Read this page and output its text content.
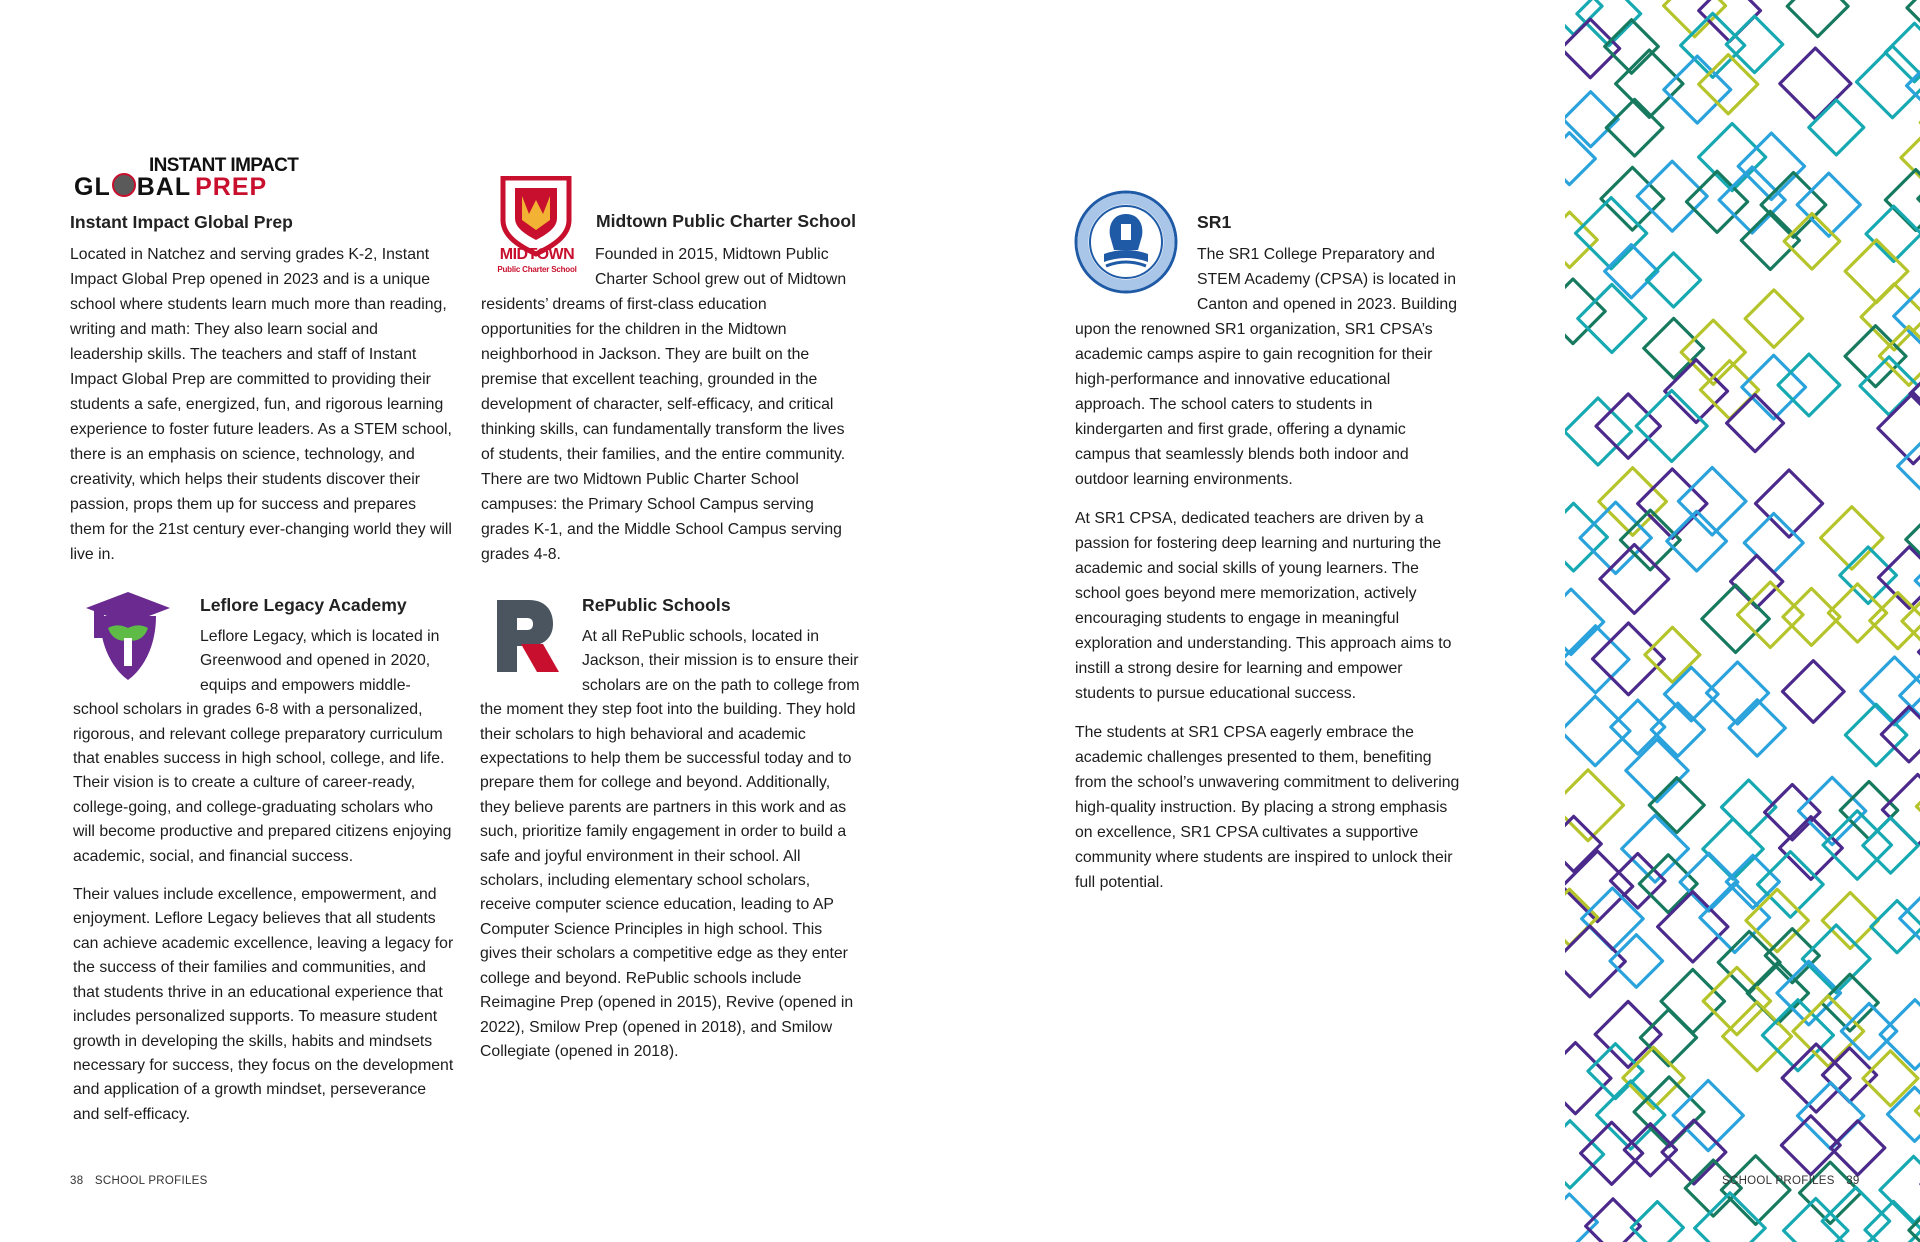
INSTANT IMPACT
GL BAL PREP
Instant Impact Global Prep
Located in Natchez and serving grades K-2, Instant Impact Global Prep opened in 2023 and is a unique school where students learn much more than reading, writing and math: They also learn social and leadership skills. The teachers and staff of Instant Impact Global Prep are committed to providing their students a safe, energized, fun, and rigorous learning experience to foster future leaders. As a STEM school, there is an emphasis on science, technology, and creativity, which helps their students discover their passion, props them up for success and prepares them for the 21st century ever-changing world they will live in.
MIDTOWN
Public Charter School
Midtown Public Charter School
Founded in 2015, Midtown Public Charter School grew out of Midtown residents’ dreams of first-class education opportunities for the children in the Midtown neighborhood in Jackson. They are built on the premise that excellent teaching, grounded in the development of character, self-efficacy, and critical thinking skills, can fundamentally transform the lives of students, their families, and the entire community. There are two Midtown Public Charter School campuses: the Primary School Campus serving grades K-1, and the Middle School Campus serving grades 4-8.
SR1

The SR1 College Preparatory and STEM Academy (CPSA) is located in Canton and opened in 2023. Building upon the renowned SR1 organization, SR1 CPSA’s academic camps aspire to gain recognition for their high-performance and innovative educational approach. The school caters to students in kindergarten and first grade, offering a dynamic campus that seamlessly blends both indoor and outdoor learning environments.

At SR1 CPSA, dedicated teachers are driven by a passion for fostering deep learning and nurturing the academic and social skills of young learners. The school goes beyond mere memorization, actively encouraging students to engage in meaningful exploration and understanding. This approach aims to instill a strong desire for learning and empower students to pursue educational success.

The students at SR1 CPSA eagerly embrace the academic challenges presented to them, benefiting from the school’s unwavering commitment to delivering high-quality instruction. By placing a strong emphasis on excellence, SR1 CPSA cultivates a supportive community where students are inspired to unlock their full potential.

Leflore Legacy Academy

Leflore Legacy, which is located in Greenwood and opened in 2020, equips and empowers middle-school scholars in grades 6-8 with a personalized, rigorous, and relevant college preparatory curriculum that enables success in high school, college, and life. Their vision is to create a culture of career-ready, college-going, and college-graduating scholars who will become productive and prepared citizens enjoying academic, social, and financial success.

Their values include excellence, empowerment, and enjoyment. Leflore Legacy believes that all students can achieve academic excellence, leaving a legacy for the success of their families and communities, and that students thrive in an educational experience that includes personalized supports. To measure student growth in developing the skills, habits and mindsets necessary for success, they focus on the development and application of a growth mindset, perseverance and self-efficacy.

RePublic Schools
At all RePublic schools, located in Jackson, their mission is to ensure their scholars are on the path to college from the moment they step foot into the building. They hold their scholars to high behavioral and academic expectations to help them be successful today and to prepare them for college and beyond. Additionally, they believe parents are partners in this work and as such, prioritize family engagement in order to build a safe and joyful environment in their school. All scholars, including elementary school scholars, receive computer science education, leading to AP Computer Science Principles in high school. This gives their scholars a competitive edge as they enter college and beyond. RePublic schools include Reimagine Prep (opened in 2015), Revive (opened in 2022), Smilow Prep (opened in 2018), and Smilow Collegiate (opened in 2018).
38 SCHOOL PROFILES	SCHOOL PROFILES 39
